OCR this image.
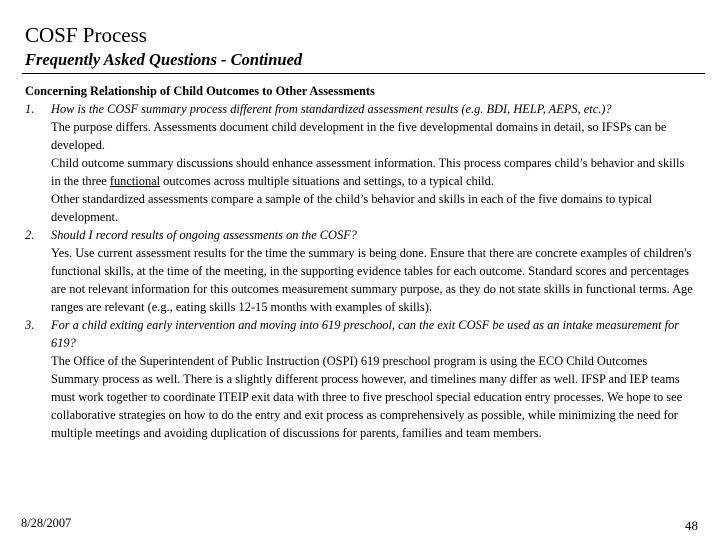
COSF Process
Frequently Asked Questions - Continued
Concerning Relationship of Child Outcomes to Other Assessments
1. How is the COSF summary process different from standardized assessment results (e.g. BDI, HELP, AEPS, etc.)?

The purpose differs. Assessments document child development in the five developmental domains in detail, so IFSPs can be developed.

Child outcome summary discussions should enhance assessment information. This process compares child’s behavior and skills in the three functional outcomes across multiple situations and settings, to a typical child.

Other standardized assessments compare a sample of the child’s behavior and skills in each of the five domains to typical development.

2. Should I record results of ongoing assessments on the COSF?

Yes. Use current assessment results for the time the summary is being done. Ensure that there are concrete examples of children's functional skills, at the time of the meeting, in the supporting evidence tables for each outcome. Standard scores and percentages are not relevant information for this outcomes measurement summary purpose, as they do not state skills in functional terms. Age ranges are relevant (e.g., eating skills 12-15 months with examples of skills).

3. For a child exiting early intervention and moving into 619 preschool, can the exit COSF be used as an intake measurement for 619?

The Office of the Superintendent of Public Instruction (OSPI) 619 preschool program is using the ECO Child Outcomes Summary process as well. There is a slightly different process however, and timelines many differ as well. IFSP and IEP teams must work together to coordinate ITEIP exit data with three to five preschool special education entry processes. We hope to see collaborative strategies on how to do the entry and exit process as comprehensively as possible, while minimizing the need for multiple meetings and avoiding duplication of discussions for parents, families and team members.

8/28/2007	48
